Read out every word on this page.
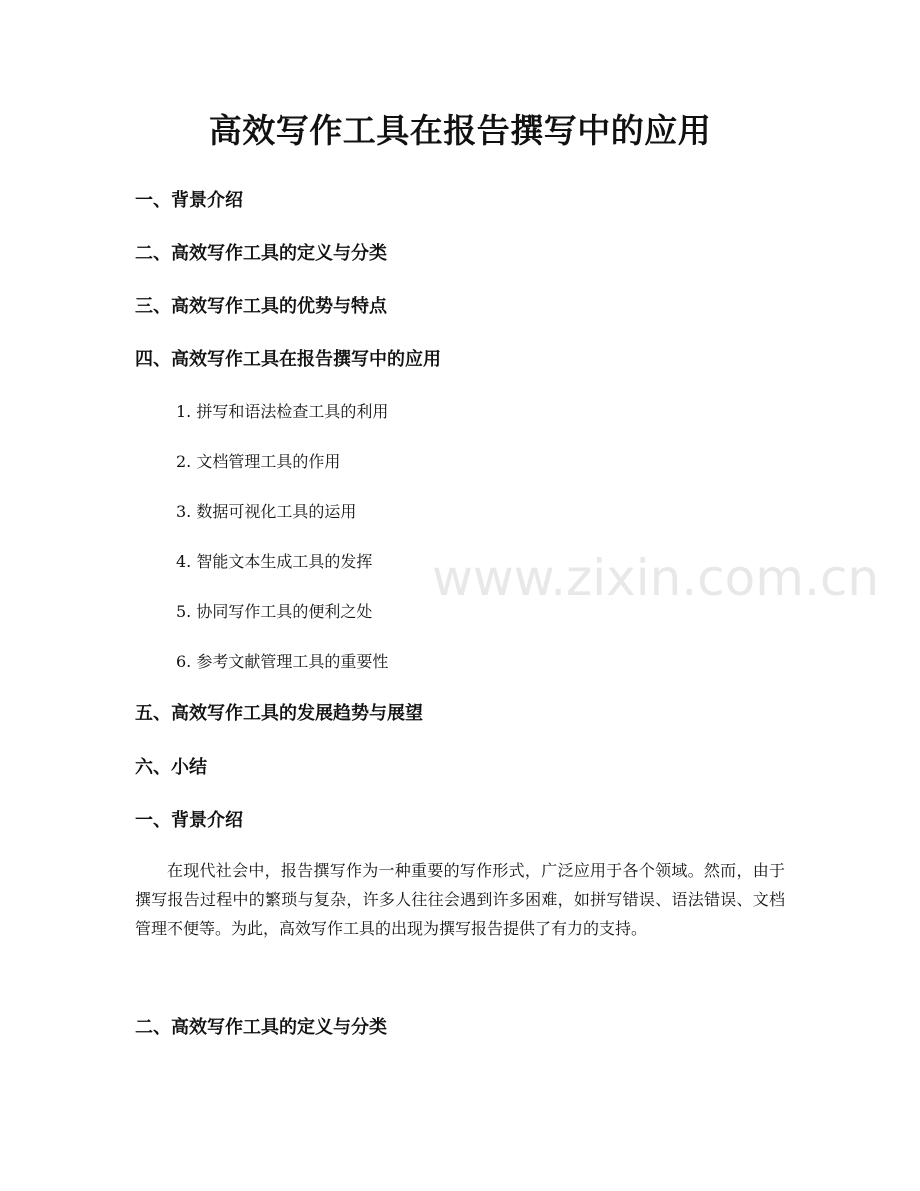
高效写作工具在报告撰写中的应用
一、背景介绍
二、高效写作工具的定义与分类
三、高效写作工具的优势与特点
四、高效写作工具在报告撰写中的应用

1. 拼写和语法检查工具的利用

2. 文档管理工具的作用

3. 数据可视化工具的运用

4. 智能文本生成工具的发挥

5. 协同写作工具的便利之处

6. 参考文献管理工具的重要性

五、高效写作工具的发展趋势与展望
六、小结
一、背景介绍

在现代社会中，报告撰写作为一种重要的写作形式，广泛应用于各个领域。然而，由于撰写报告过程中的繁琐与复杂，许多人往往会遇到许多困难，如拼写错误、语法错误、文档管理不便等。为此，高效写作工具的出现为撰写报告提供了有力的支持。

二、高效写作工具的定义与分类
www.zixin.com.cn
